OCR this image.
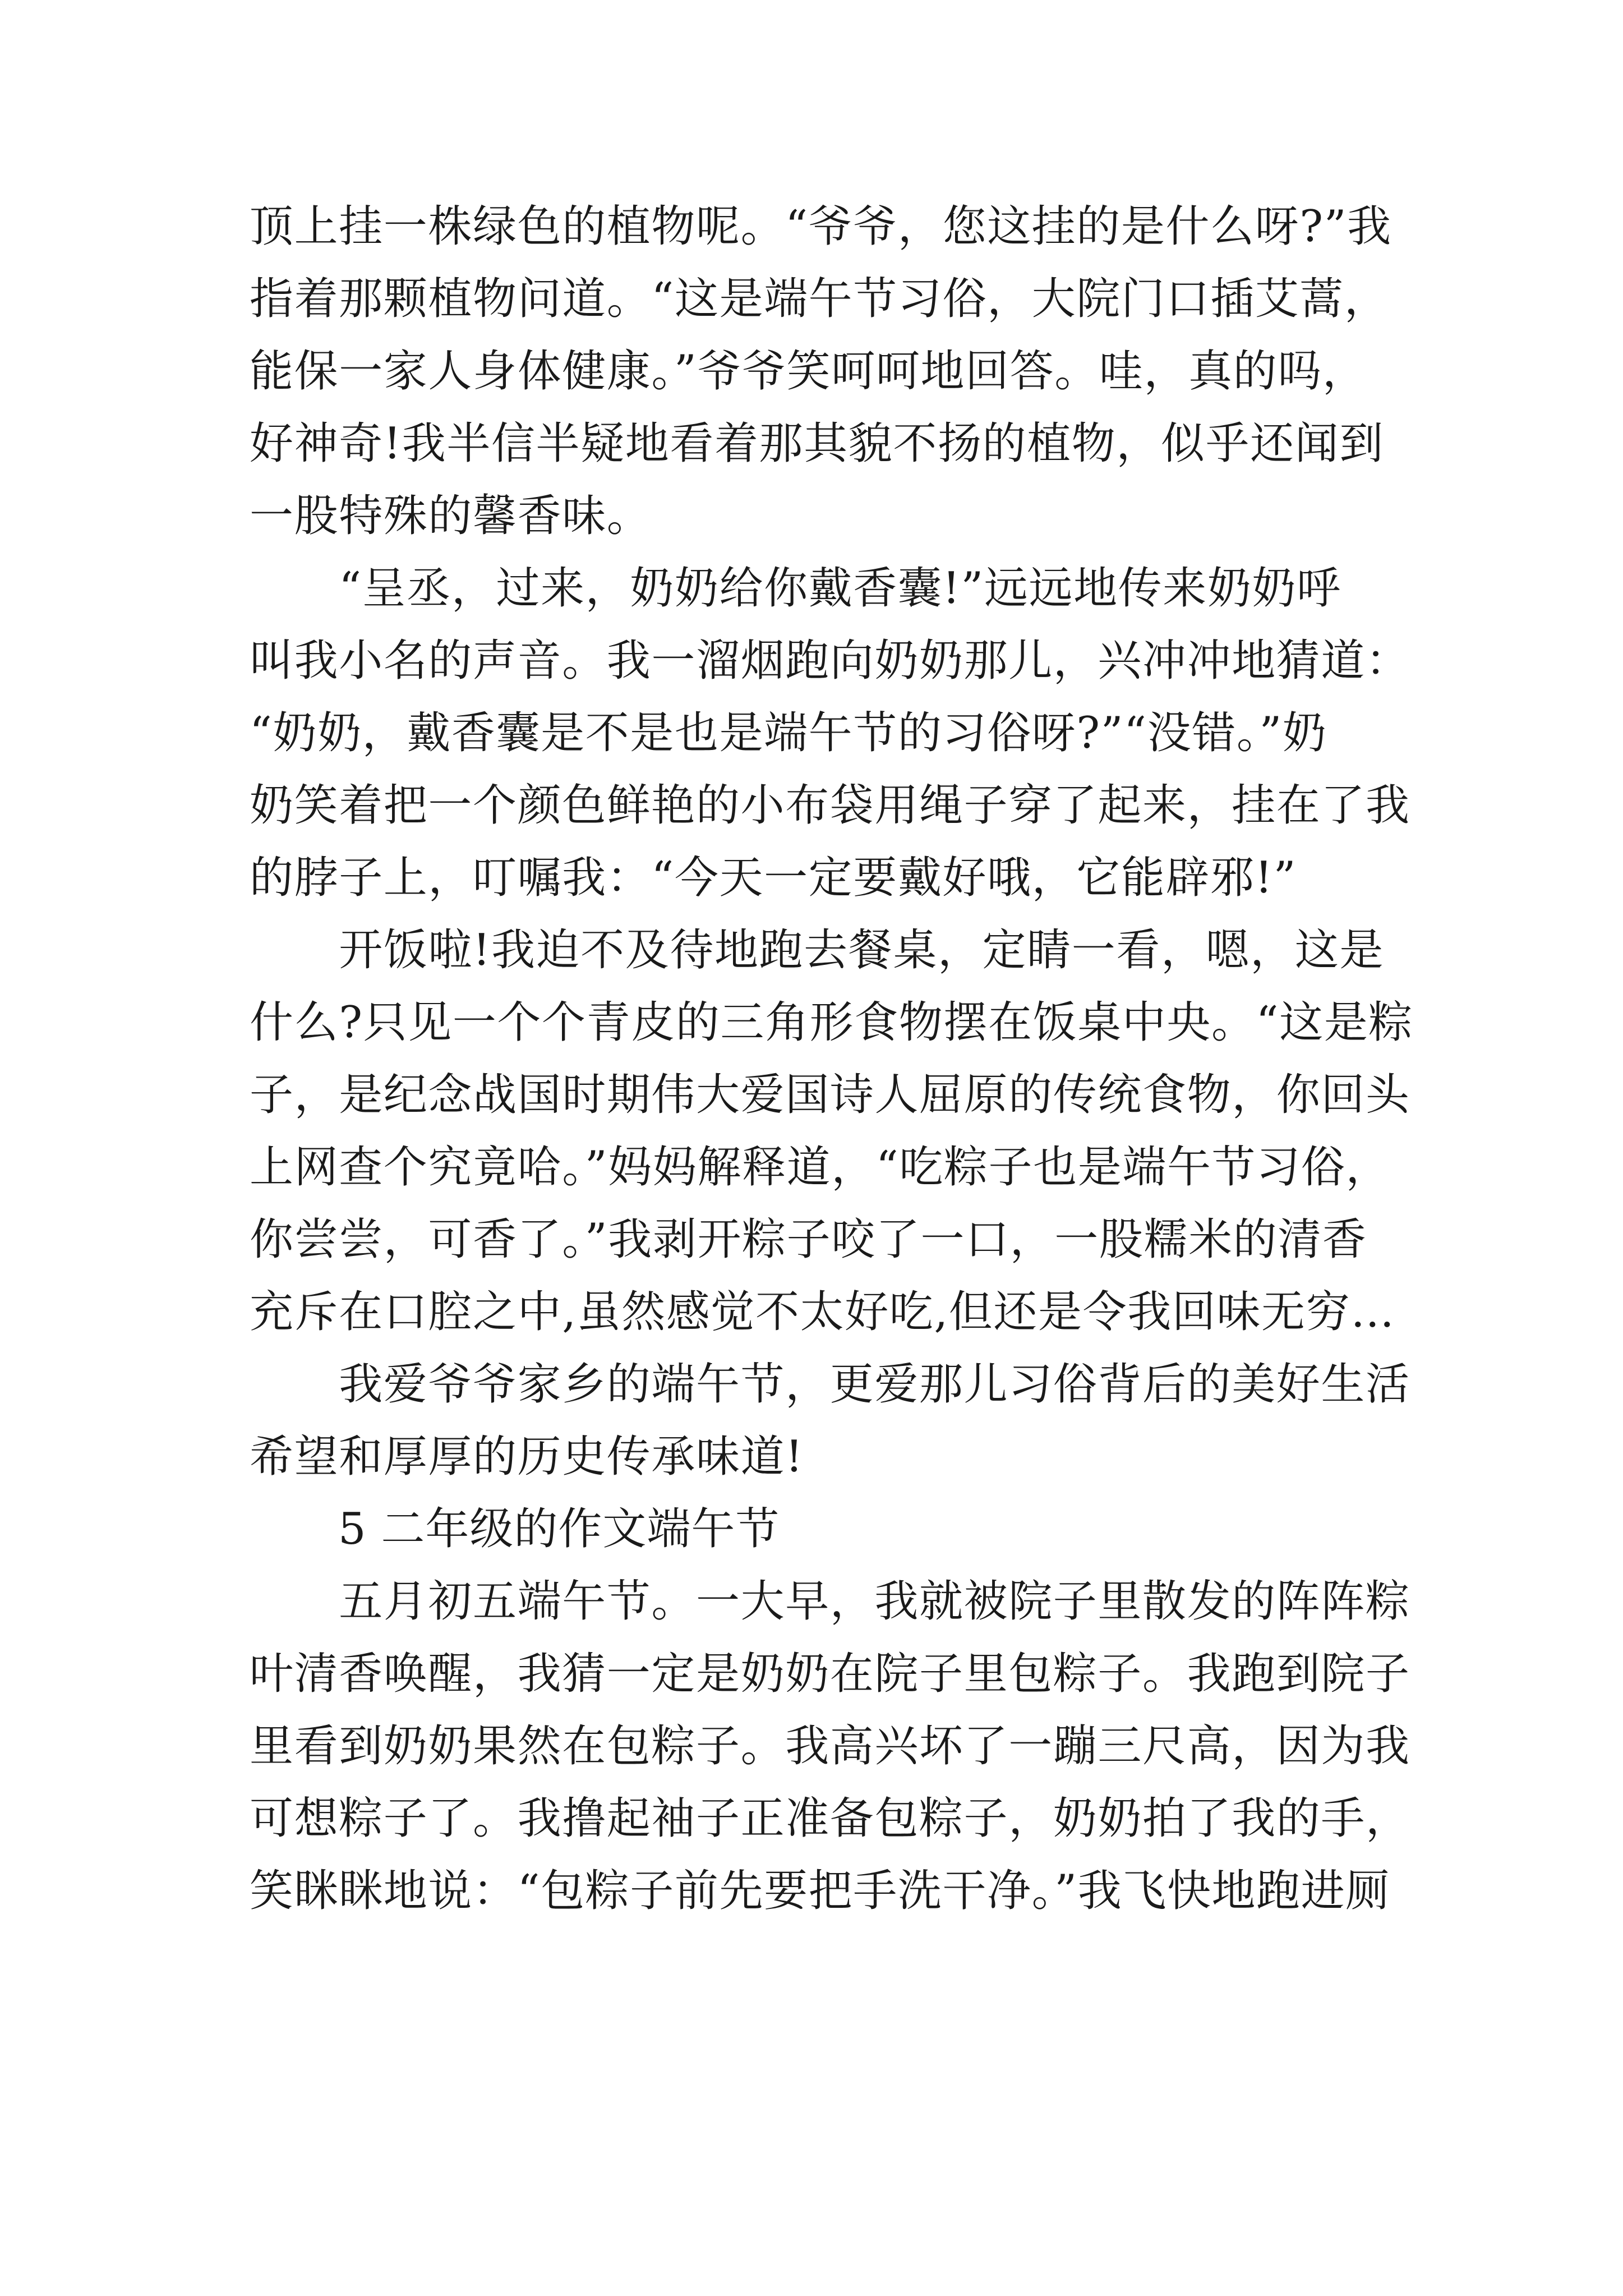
顶上挂一株绿色的植物呢。“爷爷，您这挂的是什么呀?”我
指着那颗植物问道。“这是端午节习俗，大院门口插艾蒿，
能保一家人身体健康。”爷爷笑呵呵地回答。哇，真的吗，
好神奇!我半信半疑地看着那其貌不扬的植物，似乎还闻到
一股特殊的馨香味。
　　“呈丞，过来，奶奶给你戴香囊!”远远地传来奶奶呼
叫我小名的声音。我一溜烟跑向奶奶那儿，兴冲冲地猜道：
“奶奶，戴香囊是不是也是端午节的习俗呀?”“没错。”奶
奶笑着把一个颜色鲜艳的小布袋用绳子穿了起来，挂在了我
的脖子上，叮嘱我：“今天一定要戴好哦，它能辟邪!”
　　开饭啦!我迫不及待地跑去餐桌，定睛一看，嗯，这是
什么?只见一个个青皮的三角形食物摆在饭桌中央。“这是粽
子，是纪念战国时期伟大爱国诗人屈原的传统食物，你回头
上网查个究竟哈。”妈妈解释道，“吃粽子也是端午节习俗，
你尝尝，可香了。”我剥开粽子咬了一口，一股糯米的清香
充斥在口腔之中,虽然感觉不太好吃,但还是令我回味无穷…
　　我爱爷爷家乡的端午节，更爱那儿习俗背后的美好生活
希望和厚厚的历史传承味道!
　　5 二年级的作文端午节
　　五月初五端午节。一大早，我就被院子里散发的阵阵粽
叶清香唤醒，我猜一定是奶奶在院子里包粽子。我跑到院子
里看到奶奶果然在包粽子。我高兴坏了一蹦三尺高，因为我
可想粽子了。我撸起袖子正准备包粽子，奶奶拍了我的手，
笑眯眯地说：“包粽子前先要把手洗干净。”我飞快地跑进厕
